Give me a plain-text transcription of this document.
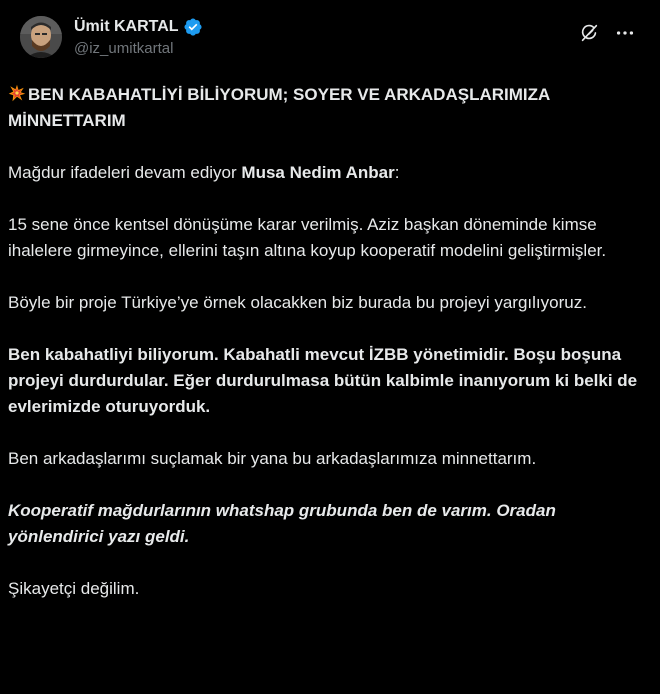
Ümit KARTAL
@iz_umitkartal

BEN KABAHATLİYİ BİLİYORUM; SOYER VE ARKADAŞLARIMIZA MİNNETTARIM

Mağdur ifadeleri devam ediyor Musa Nedim Anbar:

15 sene önce kentsel dönüşüme karar verilmiş. Aziz başkan döneminde kimse ihalelere girmeyince, ellerini taşın altına koyup kooperatif modelini geliştirmişler.

Böyle bir proje Türkiye’ye örnek olacakken biz burada bu projeyi yargılıyoruz.

Ben kabahatliyi biliyorum. Kabahatli mevcut İZBB yönetimidir. Boşu boşuna projeyi durdurdular. Eğer durdurulmasa bütün kalbimle inanıyorum ki belki de evlerimizde oturuyorduk.

Ben arkadaşlarımı suçlamak bir yana bu arkadaşlarımıza minnettarım.

Kooperatif mağdurlarının whatshap grubunda ben de varım. Oradan yönlendirici yazı geldi.

Şikayetçi değilim.
